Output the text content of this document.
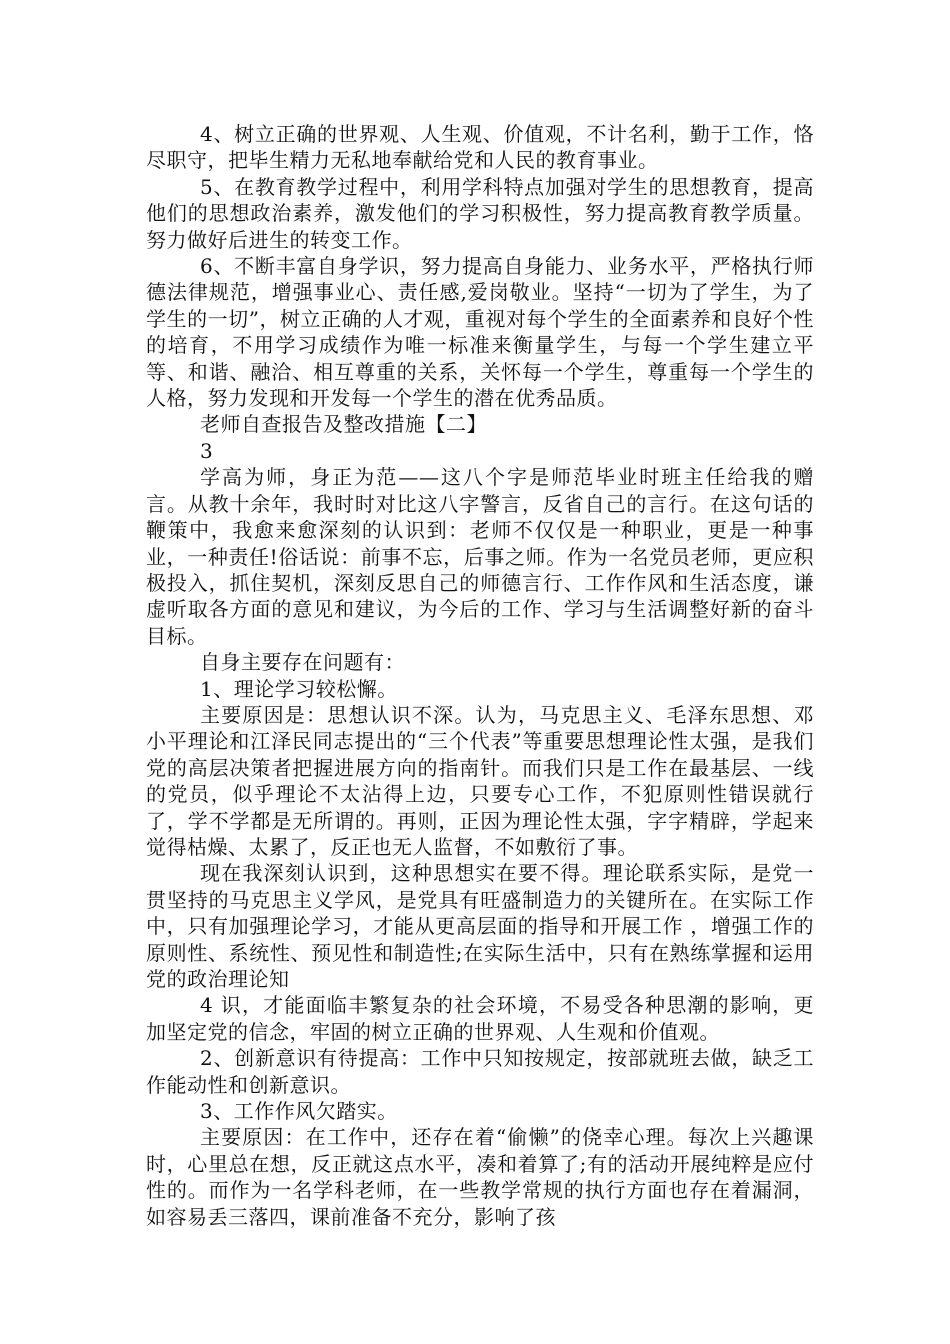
4、树立正确的世界观、人生观、价值观，不计名利，勤于工作，恪尽职守，把毕生精力无私地奉献给党和人民的教育事业。

5、在教育教学过程中，利用学科特点加强对学生的思想教育，提高他们的思想政治素养，激发他们的学习积极性，努力提高教育教学质量。努力做好后进生的转变工作。

6、不断丰富自身学识，努力提高自身能力、业务水平，严格执行师德法律规范，增强事业心、责任感,爱岗敬业。坚持“一切为了学生，为了学生的一切”，树立正确的人才观，重视对每个学生的全面素养和良好个性的培育，不用学习成绩作为唯一标准来衡量学生，与每一个学生建立平等、和谐、融洽、相互尊重的关系，关怀每一个学生，尊重每一个学生的人格，努力发现和开发每一个学生的潜在优秀品质。

老师自查报告及整改措施【二】

3

学高为师，身正为范——这八个字是师范毕业时班主任给我的赠言。从教十余年，我时时对比这八字警言，反省自己的言行。在这句话的鞭策中，我愈来愈深刻的认识到：老师不仅仅是一种职业，更是一种事业，一种责任!俗话说：前事不忘，后事之师。作为一名党员老师，更应积极投入，抓住契机，深刻反思自己的师德言行、工作作风和生活态度，谦虚听取各方面的意见和建议，为今后的工作、学习与生活调整好新的奋斗目标。

自身主要存在问题有：

1、理论学习较松懈。

主要原因是：思想认识不深。认为，马克思主义、毛泽东思想、邓小平理论和江泽民同志提出的“三个代表”等重要思想理论性太强，是我们党的高层决策者把握进展方向的指南针。而我们只是工作在最基层、一线的党员，似乎理论不太沾得上边，只要专心工作，不犯原则性错误就行了，学不学都是无所谓的。再则，正因为理论性太强，字字精辟，学起来觉得枯燥、太累了，反正也无人监督，不如敷衍了事。

现在我深刻认识到，这种思想实在要不得。理论联系实际，是党一贯坚持的马克思主义学风，是党具有旺盛制造力的关键所在。在实际工作中，只有加强理论学习，才能从更高层面的指导和开展工作 ，增强工作的原则性、系统性、预见性和制造性;在实际生活中，只有在熟练掌握和运用党的政治理论知

4 识，才能面临丰繁复杂的社会环境，不易受各种思潮的影响，更加坚定党的信念，牢固的树立正确的世界观、人生观和价值观。

2、创新意识有待提高：工作中只知按规定，按部就班去做，缺乏工作能动性和创新意识。

3、工作作风欠踏实。

主要原因：在工作中，还存在着“偷懒”的侥幸心理。每次上兴趣课时，心里总在想，反正就这点水平，凑和着算了;有的活动开展纯粹是应付性的。而作为一名学科老师，在一些教学常规的执行方面也存在着漏洞，如容易丢三落四，课前准备不充分，影响了孩
